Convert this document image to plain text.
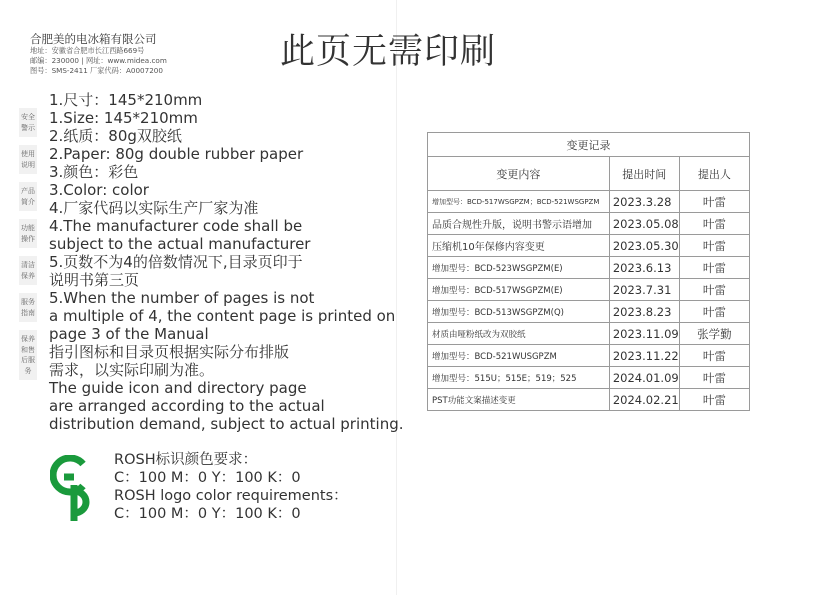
合肥美的电冰箱有限公司
地址：安徽省合肥市长江西路669号
邮编：230000 | 网址：www.midea.com
图号：SMS-2411 厂家代码：A0007200	此页无需印刷
安全警示
使用说明
产品简介
功能操作
清洁保养
服务指南
保养和售后服务
1.尺寸：145*210mm
1.Size: 145*210mm
2.纸质：80g双胶纸
2.Paper: 80g double rubber paper
3.颜色：彩色
3.Color: color
4.厂家代码以实际生产厂家为准
4.The manufacturer code shall be
subject to the actual manufacturer
5.页数不为4的倍数情况下,目录页印于
说明书第三页
5.When the number of pages is not
a multiple of 4, the content page is printed on
page 3 of the Manual
指引图标和目录页根据实际分布排版
需求，以实际印刷为准。
The guide icon and directory page
are arranged according to the actual
distribution demand, subject to actual printing.
ROSH标识颜色要求：
C：100 M：0 Y：100 K：0
ROSH logo color requirements：
C：100 M：0 Y：100 K：0
变更记录		
变更内容	提出时间	提出人
增加型号：BCD-517WSGPZM；BCD-521WSGPZM	2023.3.28	叶雷
品质合规性升版，说明书警示语增加	2023.05.08	叶雷
压缩机10年保修内容变更	2023.05.30	叶雷
增加型号：BCD-523WSGPZM(E)	2023.6.13	叶雷
增加型号：BCD-517WSGPZM(E)	2023.7.31	叶雷
增加型号：BCD-513WSGPZM(Q)	2023.8.23	叶雷
材质由哑粉纸改为双胶纸	2023.11.09	张学勤
增加型号：BCD-521WUSGPZM	2023.11.22	叶雷
增加型号：515U；515E；519；525	2024.01.09	叶雷
PST功能文案描述变更	2024.02.21	叶雷
